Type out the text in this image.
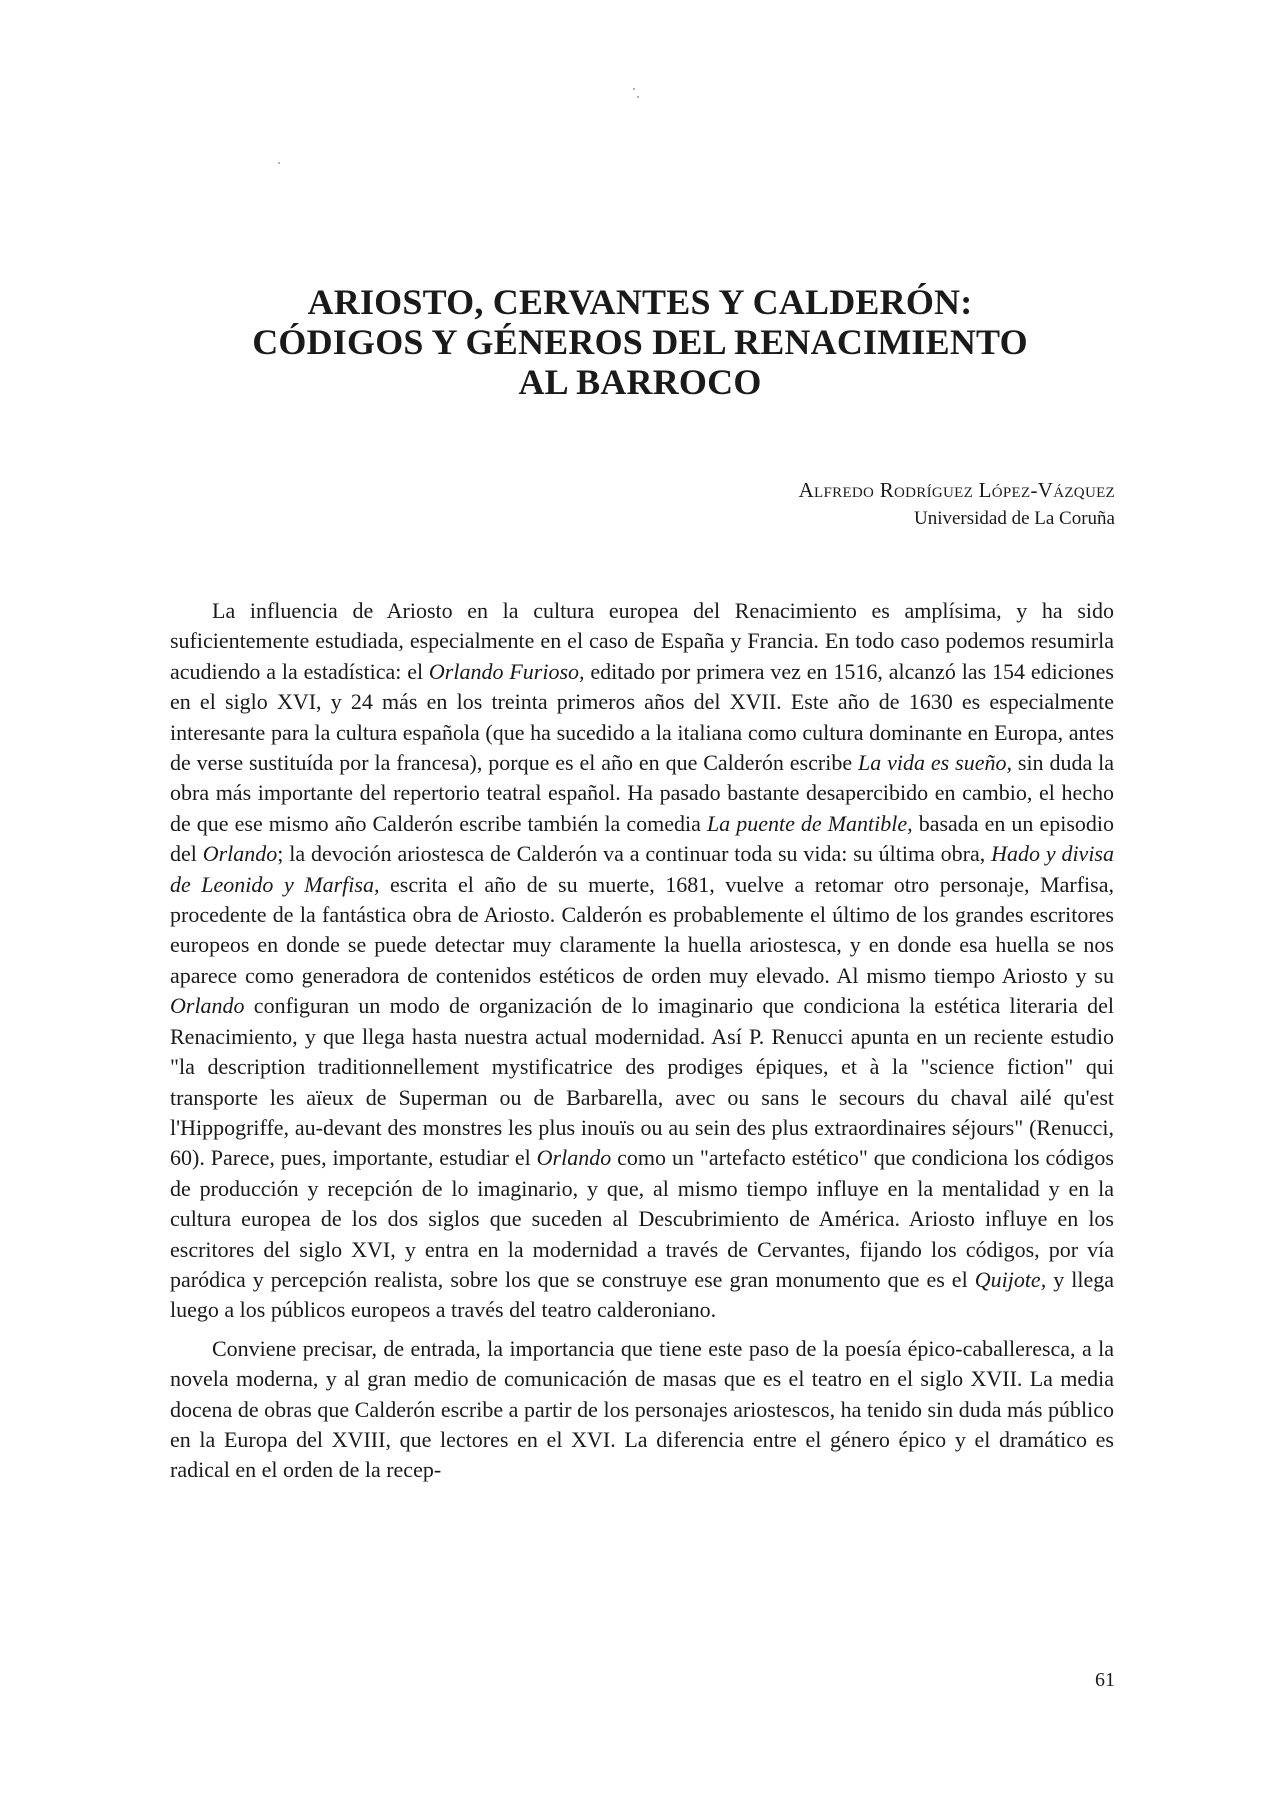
ARIOSTO, CERVANTES Y CALDERÓN:
CÓDIGOS Y GÉNEROS DEL RENACIMIENTO
AL BARROCO
Alfredo Rodríguez López-Vázquez
Universidad de La Coruña

La influencia de Ariosto en la cultura europea del Renacimiento es amplísima, y ha sido suficientemente estudiada, especialmente en el caso de España y Francia. En todo caso podemos resumirla acudiendo a la estadística: el Orlando Furioso, editado por primera vez en 1516, alcanzó las 154 ediciones en el siglo XVI, y 24 más en los treinta primeros años del XVII. Este año de 1630 es especialmente interesante para la cultura española (que ha sucedido a la italiana como cultura dominante en Europa, antes de verse sustituída por la francesa), porque es el año en que Calderón escribe La vida es sueño, sin duda la obra más importante del repertorio teatral español. Ha pasado bastante desapercibido en cambio, el hecho de que ese mismo año Calderón escribe también la comedia La puente de Mantible, basada en un episodio del Orlando; la devoción ariostesca de Calderón va a continuar toda su vida: su última obra, Hado y divisa de Leonido y Marfisa, escrita el año de su muerte, 1681, vuelve a retomar otro personaje, Marfisa, procedente de la fantástica obra de Ariosto. Calderón es probablemente el último de los grandes escritores europeos en donde se puede detectar muy claramente la huella ariostesca, y en donde esa huella se nos aparece como generadora de contenidos estéticos de orden muy elevado. Al mismo tiempo Ariosto y su Orlando configuran un modo de organización de lo imaginario que condiciona la estética literaria del Renacimiento, y que llega hasta nuestra actual modernidad. Así P. Renucci apunta en un reciente estudio "la description traditionnellement mystificatrice des prodiges épiques, et à la "science fiction" qui transporte les aïeux de Superman ou de Barbarella, avec ou sans le secours du chaval ailé qu'est l'Hippogriffe, au-devant des monstres les plus inouïs ou au sein des plus extraordinaires séjours" (Renucci, 60). Parece, pues, importante, estudiar el Orlando como un "artefacto estético" que condiciona los códigos de producción y recepción de lo imaginario, y que, al mismo tiempo influye en la mentalidad y en la cultura europea de los dos siglos que suceden al Descubrimiento de América. Ariosto influye en los escritores del siglo XVI, y entra en la modernidad a través de Cervantes, fijando los códigos, por vía paródica y percepción realista, sobre los que se construye ese gran monumento que es el Quijote, y llega luego a los públicos europeos a través del teatro calderoniano.

Conviene precisar, de entrada, la importancia que tiene este paso de la poesía épico-caballeresca, a la novela moderna, y al gran medio de comunicación de masas que es el teatro en el siglo XVII. La media docena de obras que Calderón escribe a partir de los personajes ariostescos, ha tenido sin duda más público en la Europa del XVIII, que lectores en el XVI. La diferencia entre el género épico y el dramático es radical en el orden de la recep-

61
